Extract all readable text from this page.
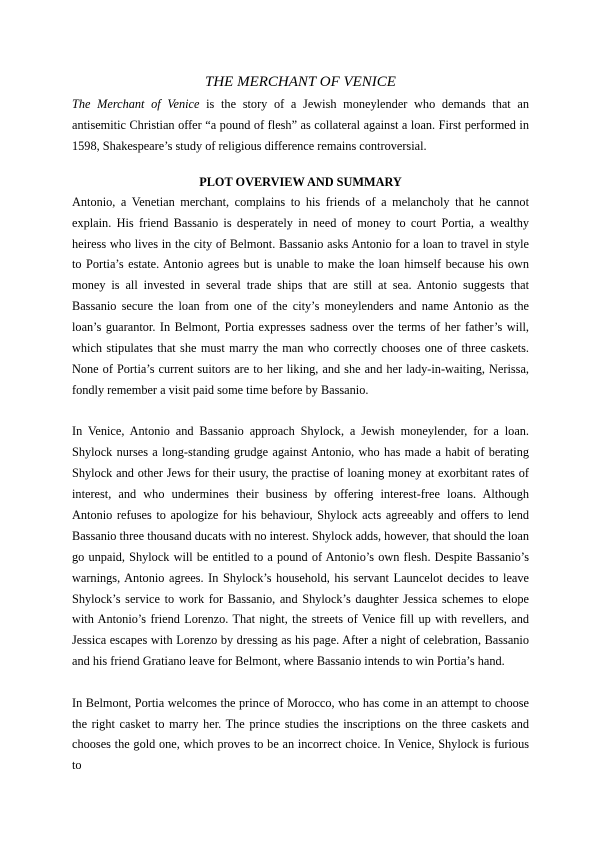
THE MERCHANT OF VENICE

The Merchant of Venice is the story of a Jewish moneylender who demands that an antisemitic Christian offer “a pound of flesh” as collateral against a loan. First performed in 1598, Shakespeare’s study of religious difference remains controversial.

PLOT OVERVIEW AND SUMMARY

Antonio, a Venetian merchant, complains to his friends of a melancholy that he cannot explain. His friend Bassanio is desperately in need of money to court Portia, a wealthy heiress who lives in the city of Belmont. Bassanio asks Antonio for a loan to travel in style to Portia’s estate. Antonio agrees but is unable to make the loan himself because his own money is all invested in several trade ships that are still at sea. Antonio suggests that Bassanio secure the loan from one of the city’s moneylenders and name Antonio as the loan’s guarantor. In Belmont, Portia expresses sadness over the terms of her father’s will, which stipulates that she must marry the man who correctly chooses one of three caskets. None of Portia’s current suitors are to her liking, and she and her lady-in-waiting, Nerissa, fondly remember a visit paid some time before by Bassanio.

In Venice, Antonio and Bassanio approach Shylock, a Jewish moneylender, for a loan. Shylock nurses a long-standing grudge against Antonio, who has made a habit of berating Shylock and other Jews for their usury, the practise of loaning money at exorbitant rates of interest, and who undermines their business by offering interest-free loans. Although Antonio refuses to apologize for his behaviour, Shylock acts agreeably and offers to lend Bassanio three thousand ducats with no interest. Shylock adds, however, that should the loan go unpaid, Shylock will be entitled to a pound of Antonio’s own flesh. Despite Bassanio’s warnings, Antonio agrees. In Shylock’s household, his servant Launcelot decides to leave Shylock’s service to work for Bassanio, and Shylock’s daughter Jessica schemes to elope with Antonio’s friend Lorenzo. That night, the streets of Venice fill up with revellers, and Jessica escapes with Lorenzo by dressing as his page. After a night of celebration, Bassanio and his friend Gratiano leave for Belmont, where Bassanio intends to win Portia’s hand.

In Belmont, Portia welcomes the prince of Morocco, who has come in an attempt to choose the right casket to marry her. The prince studies the inscriptions on the three caskets and chooses the gold one, which proves to be an incorrect choice. In Venice, Shylock is furious to
